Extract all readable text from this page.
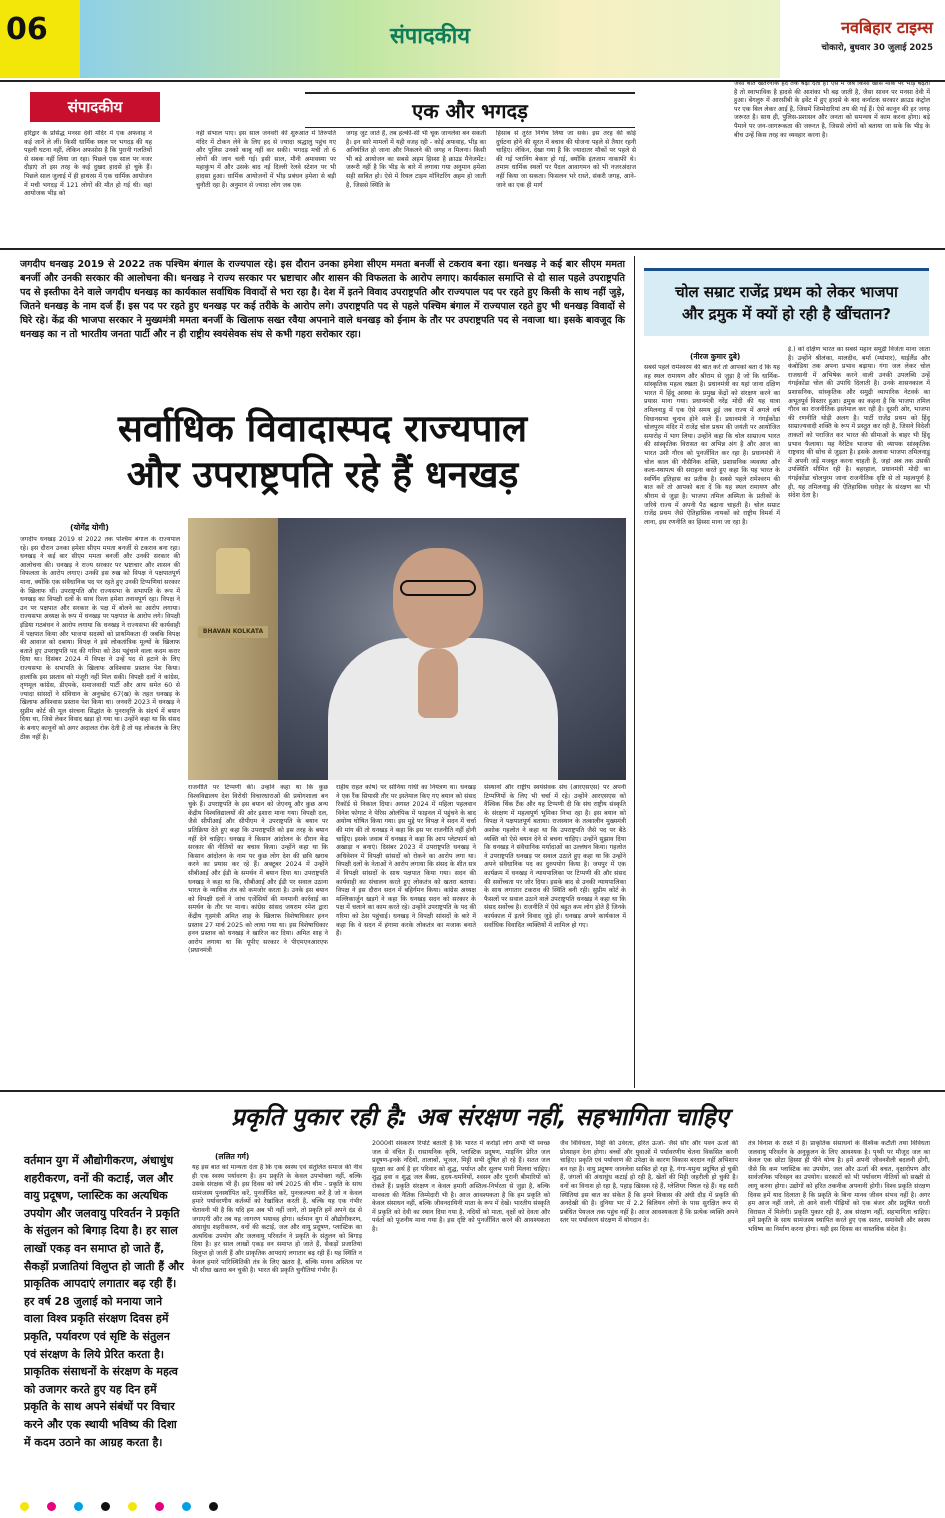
06	संपादकीय	नवबिहार टाइम्स
चोकारो, बुधवार 30 जुलाई 2025
संपादकीय	एक और भगदड़
हरिद्वार के प्रसिद्ध मनसा देवी मंदिर में एक अफवाह ने कई जानें ले लीं। किसी धार्मिक स्थल पर भगदड़ की यह पहली घटना नहीं, लेकिन अफसोस है कि पुरानी गलतियों से सबक नहीं लिया जा रहा। पिछले एक साल पर नजर दौड़ाएं तो इस तरह के कई दुखद हादसे हो चुके हैं। पिछले साल जुलाई में ही हाथरस में एक धार्मिक आयोजन में मची भगदड़ में 121 लोगों की मौत हो गई थी। वहां आयोजक भीड़ को
नहीं संभाल पाए। इस साल जनवरी की शुरुआत में तिरुपति मंदिर में टोकन लेने के लिए हद से ज्यादा श्रद्धालु पहुंच गए और पुलिस उनको काबू नहीं कर सकी। भगदड़ मची तो 6 लोगों की जान चली गई। इसी साल, मौनी अमावस्या पर महाकुंभ में और उसके बाद नई दिल्ली रेलवे स्टेशन पर भी हादसा हुआ। धार्मिक आयोजनों में भीड़ प्रबंधन हमेशा से बड़ी चुनौती रहा है। अनुमान से ज्यादा लोग जब एक
जगह जुट जाते हैं, तब हल्की-सी भी चूक जानलेवा बन सकती है। इन सारे मामलों में यही वजह रही - कोई अफवाह, भीड़ का अनियंत्रित हो जाना और निकलने की जगह न मिलना। किसी भी बड़े आयोजन का सबसे अहम हिस्सा है क्राउड मैनेजमेंट। जरूरी नहीं है कि भीड़ के बारे में लगाया गया अनुमान हमेशा सही साबित हो। ऐसे में रियल टाइम मॉनिटरिंग अहम हो जाती है, जिससे स्थिति के
हिसाब से तुरंत निर्णय लिया जा सके। इस तरह की कोई दुर्घटना होने की सूरत में बचाव की योजना पहले से तैयार रहनी चाहिए। लेकिन, देखा गया है कि ज्यादातर मौकों पर पहले से की गई प्लानिंग बेकार हो गई, क्योंकि इंतजाम नाकाफी थे। तमाम धार्मिक स्थलों पर पैदल आवागमन को भी नजरअंदाज नहीं किया जा सकता। फिसलन भरे रास्ते, संकरी जगह, आने-जाने का एक ही मार्ग
जैसी बातें खतरनाक हद तक बढ़ा देती हैं। ऐसे में जब किसी खास मौके पर भीड़ बढ़ती है तो स्वाभाविक है हादसे की आशंका भी बढ़ जाती है, जैसा सावन पर मनसा देवी में हुआ। बेंगलुरु में आरसीबी के इवेंट में हुए हादसे के बाद कर्नाटक सरकार क्राउड कंट्रोल पर एक बिल लेकर आई है, जिसमें जिम्मेदारियां तय की गई हैं। ऐसे कानून की हर जगह जरूरत है। साथ ही, पुलिस-प्रशासन और जनता को समन्वय में काम करना होगा। बड़े पैमाने पर जन-जागरूकता की जरूरत है, जिससे लोगों को बताया जा सके कि भीड़ के बीच उन्हें किस तरह का व्यवहार करना है।
जगदीप धनखड़ 2019 से 2022 तक पश्चिम बंगाल के राज्यपाल रहे। इस दौरान उनका हमेशा सीएम ममता बनर्जी से टकराव बना रहा। धनखड़ ने कई बार सीएम ममता बनर्जी और उनकी सरकार की आलोचना की। धनखड़ ने राज्य सरकार पर भ्रष्टाचार और शासन की विफलता के आरोप लगाए। कार्यकाल समाप्ति से दो साल पहले उपराष्ट्रपति पद से इस्तीफा देने वाले जगदीप धनखड़ का कार्यकाल सर्वाधिक विवादों से भरा रहा है। देश में इतने विवाद उपराष्ट्रपति और राज्यपाल पद पर रहते हुए किसी के साथ नहीं जुड़े, जितने धनखड़ के नाम दर्ज हैं। इस पद पर रहते हुए धनखड़ पर कई तरीके के आरोप लगे। उपराष्ट्रपति पद से पहले पश्चिम बंगाल में राज्यपाल रहते हुए भी धनखड़ विवादों से घिरे रहे। केंद्र की भाजपा सरकार ने मुख्यमंत्री ममता बनर्जी के खिलाफ सख्त रवैया अपनाने वाले धनखड़ को ईनाम के तौर पर उपराष्ट्रपति पद से नवाजा था। इसके बावजूद कि धनखड़ का न तो भारतीय जनता पार्टी और न ही राष्ट्रीय स्वयंसेवक संघ से कभी गहरा सरोकार रहा।
सर्वाधिक विवादास्पद राज्यपाल
और उपराष्ट्रपति रहे हैं धनखड़
(योगेंद्र योगी)
जगदीप धनखड़ 2019 से 2022 तक पश्चिम बंगाल के राज्यपाल रहे। इस दौरान उनका हमेशा सीएम ममता बनर्जी से टकराव बना रहा। धनखड़ ने कई बार सीएम ममता बनर्जी और उनकी सरकार की आलोचना की। धनखड़ ने राज्य सरकार पर भ्रष्टाचार और शासन की विफलता के आरोप लगाए। उनकी इस रुख को विपक्ष ने पक्षपातपूर्ण माना, क्योंकि एक संवैधानिक पद पर रहते हुए उनकी टिप्पणियां सरकार के खिलाफ थीं। उपराष्ट्रपति और राज्यसभा के सभापति के रूप में धनखड़ का विपक्षी दलों के साथ रिश्ता हमेशा तनावपूर्ण रहा। विपक्ष ने उन पर पक्षपात और सरकार के पक्ष में बोलने का आरोप लगाया। राज्यसभा अध्यक्ष के रूप में धनखड़ पर पक्षपात के आरोप लगे। विपक्षी इंडिया गठबंधन ने आरोप लगाया कि धनखड़ ने राज्यसभा की कार्यवाही में पक्षपात किया और भाजपा सदस्यों को प्राथमिकता दी जबकि विपक्ष की आवाज को दबाया। विपक्ष ने इसे लोकतांत्रिक मूल्यों के खिलाफ बताते हुए उपराष्ट्रपति पद की गरिमा को ठेस पहुंचाने वाला कदम करार दिया था। दिसंबर 2024 में विपक्ष ने उन्हें पद से हटाने के लिए राज्यसभा के सभापति के खिलाफ अविश्वास प्रस्ताव पेश किया। हालांकि इस प्रस्ताव को मंजूरी नहीं मिल सकी। विपक्षी दलों ने कांग्रेस, तृणमूल कांग्रेस, डीएमके, समाजवादी पार्टी और आप समेत 60 से ज्यादा सांसदों ने संविधान के अनुच्छेद 67(ख) के तहत धनखड़ के खिलाफ अविश्वास प्रस्ताव पेश किया था। जनवरी 2023 में धनखड़ ने सुप्रीम कोर्ट की मूल संरचना सिद्धांत के पुनरावृत्ति के संदर्भ में बयान दिया था, जिसे लेकर विवाद खड़ा हो गया था। उन्होंने कहा था कि संसद के बनाए कानूनों को अगर अदालत रोक देती है तो यह लोकतंत्र के लिए ठीक नहीं है।
BHAVAN KOLKATA
राजनीति पर टिप्पणी की। उन्होंने कहा था कि कुछ विश्वविद्यालय देश विरोधी विचारधाराओं की प्रयोगशाला बन चुके हैं। उपराष्ट्रपति के इस बयान को जेएनयू और कुछ अन्य केंद्रीय विश्वविद्यालयों की ओर इशारा माना गया। विपक्षी दल, जैसे सीपीआई और सीपीएम ने उपराष्ट्रपति के बयान पर प्रतिक्रिया देते हुए कहा कि उपराष्ट्रपति को इस तरह के बयान नहीं देने चाहिए। धनखड़ ने किसान आंदोलन के दौरान केंद्र सरकार की नीतियों का बचाव किया। उन्होंने कहा था कि किसान आंदोलन के नाम पर कुछ लोग देश की छवि खराब करने का प्रयास कर रहे हैं। अक्टूबर 2024 में उन्होंने सीबीआई और ईडी के समर्थन में बयान दिया था। उपराष्ट्रपति धनखड़ ने कहा था कि, सीबीआई और ईडी पर सवाल उठाना भारत के न्यायिक तंत्र को कमजोर करता है। उनके इस बयान को विपक्षी दलों ने जांच एजेंसियों की मनमानी कार्रवाई का समर्थन के तौर पर माना। कांग्रेस सांसद जयराम रमेश द्वारा केंद्रीय गृहमंत्री अमित शाह के खिलाफ विशेषाधिकार हनन प्रस्ताव 27 मार्च 2025 को लाया गया था। इस विशेषाधिकार हनन प्रस्ताव को धनखड़ ने खारिज कर दिया। अमित शाह ने आरोप लगाया था कि यूपीए सरकार ने पीएमएनआरएफ (प्रधानमंत्री
राहीय राहत कोष) पर सोनिया गांधी का नियंत्रण था। धनखड़ ने एक रैंक सियासी तौर पर इस्तेमाल किए गए बयान को संसद रिकॉर्ड से निकाल दिया। अगस्त 2024 में महिला पहलवान विनेश फोगाट ने पेरिस ओलंपिक में फाइनल में पहुंचने के बाद अयोग्य घोषित किया गया। इस मुद्दे पर विपक्ष ने सदन में चर्चा की मांग की तो धनखड़ ने कहा कि इस पर राजनीति नहीं होनी चाहिए। इसके जवाब में धनखड़ ने कहा कि आप प्लेटफार्म को अखाड़ा न बनाएं। दिसंबर 2023 में उपराष्ट्रपति धनखड़ ने अधिवेशन में विपक्षी सांसदों को रोकने का आरोप लगा था। विपक्षी दलों के नेताओं ने आरोप लगाया कि संसद के शीत सत्र में विपक्षी सांसदों के साथ पक्षपात किया गया। सदन की कार्यवाही का संचालन करते हुए लोकतंत्र को खतरा बताया। विपक्ष ने इस दौरान सदन में बहिर्गमन किया। कांग्रेस अध्यक्ष मल्लिकार्जुन खड़गे ने कहा कि धनखड़ सदन को सरकार के पक्ष में चलाने का काम करते रहे। उन्होंने उपराष्ट्रपति के पद की गरिमा को ठेस पहुंचाई। धनखड़ ने विपक्षी सांसदों के बारे में कहा कि वे सदन में हंगामा करके लोकतंत्र का मजाक बनाते हैं।
संस्थानों और राष्ट्रीय स्वयंसेवक संघ (आरएसएस) पर अपनी टिप्पणियों के लिए भी चर्चा में रहे। उन्होंने आरएसएस को वैश्विक थिंक टैंक और यह टिप्पणी दी कि संघ राष्ट्रीय संस्कृति के संरक्षण में महत्वपूर्ण भूमिका निभा रहा है। इस बयान को विपक्ष ने पक्षपातपूर्ण बताया। राजस्थान के तत्कालीन मुख्यमंत्री अशोक गहलोत ने कहा था कि उपराष्ट्रपति जैसे पद पर बैठे व्यक्ति को ऐसे बयान देने से बचना चाहिए। उन्होंने सुझाव दिया कि धनखड़ ने संवैधानिक मर्यादाओं का उल्लंघन किया। गहलोत ने उपराष्ट्रपति धनखड़ पर सवाल उठाते हुए कहा था कि उन्होंने अपने संवैधानिक पद का दुरुपयोग किया है। जयपुर में एक कार्यक्रम में धनखड़ ने न्यायपालिका पर टिप्पणी की और संसद की सर्वोच्चता पर जोर दिया। इसके बाद से उनकी न्यायपालिका के साथ लगातार टकराव की स्थिति बनी रही। सुप्रीम कोर्ट के फैसलों पर सवाल उठाने वाले उपराष्ट्रपति धनखड़ ने कहा था कि संसद सर्वोच्च है। राजनीति में ऐसे बहुत कम लोग होते हैं जिनके कार्यकाल में इतने विवाद जुड़े हों। धनखड़ अपने कार्यकाल में सर्वाधिक विवादित व्यक्तियों में शामिल हो गए।
चोल सम्राट राजेंद्र प्रथम को लेकर भाजपा
और द्रमुक में क्यों हो रही है खींचतान?
(नीरज कुमार दुबे)
सबसे पहले रामेश्वरम की बात करें तो आपको बता दें कि यह वह स्थल रामायण और श्रीराम से जुड़ा है जो कि धार्मिक-सांस्कृतिक महत्व रखता है। प्रधानमंत्री का यहां जाना दक्षिण भारत में हिंदू आस्था के प्रमुख केंद्रों को संरक्षण करने का प्रयास माना गया। प्रधानमंत्री नरेंद्र मोदी की यह यात्रा तमिलनाडु में एक ऐसे समय हुई जब राज्य में अगले वर्ष विधानसभा चुनाव होने वाले हैं। प्रधानमंत्री ने गंगईकोंडा चोलपुरम मंदिर में राजेंद्र चोल प्रथम की जयंती पर आयोजित समारोह में भाग लिया। उन्होंने कहा कि चोल साम्राज्य भारत की सांस्कृतिक विरासत का अभिन्न अंग है और आज का भारत उसी गौरव को पुनर्जीवित कर रहा है। प्रधानमंत्री ने चोल काल की नौसैनिक शक्ति, प्रशासनिक व्यवस्था और कला-स्थापत्य की सराहना करते हुए कहा कि यह भारत के स्वर्णिम इतिहास का प्रतीक है। सबसे पहले रामेश्वरम की बात करें तो आपको बता दें कि यह स्थल रामायण और श्रीराम से जुड़ा है। भाजपा तमिल अस्मिता के प्रतीकों के जरिये राज्य में अपनी पैठ बढ़ाना चाहती है। चोल सम्राट राजेंद्र प्रथम जैसे ऐतिहासिक नायकों को राष्ट्रीय विमर्श में लाना, इस रणनीति का हिस्सा माना जा रहा है।
ई.) को दक्षिण भारत का सबसे महान समुद्री विजेता माना जाता है। उन्होंने श्रीलंका, मालदीव, बर्मा (म्यांमार), थाईलैंड और कंबोडिया तक अपना प्रभाव बढ़ाया। गंगा जल लेकर चोल राजधानी में अभिषेक करने वाली उनकी उपलब्धि उन्हें गंगईकोंडा चोल की उपाधि दिलाती है। उनके शासनकाल में प्रशासनिक, सांस्कृतिक और समुद्री व्यापारिक नेटवर्क का अभूतपूर्व विस्तार हुआ। द्रमुक का कहना है कि भाजपा तमिल गौरव का राजनीतिक इस्तेमाल कर रही है। दूसरी ओर, भाजपा की रणनीति थोड़ी अलग है। पार्टी राजेंद्र प्रथम को हिंदू साम्राज्यवादी शक्ति के रूप में प्रस्तुत कर रही है, जिसने विदेशी ताकतों को पराजित कर भारत की सीमाओं के बाहर भी हिंदू प्रभाव फैलाया। यह नैरेटिव भाजपा की व्यापक सांस्कृतिक राष्ट्रवाद की सोच से जुड़ता है। इसके अलावा भाजपा तमिलनाडु में अपनी जड़ें मजबूत करना चाहती है, जहां अब तक उसकी उपस्थिति सीमित रही है। बहरहाल, प्रधानमंत्री मोदी का गंगईकोंडा चोलपुरम जाना राजनीतिक दृष्टि से तो महत्वपूर्ण है ही, यह तमिलनाडु की ऐतिहासिक धरोहर के संरक्षण का भी संदेश देता है।
प्रकृति पुकार रही है: अब संरक्षण नहीं, सहभागिता चाहिए
वर्तमान युग में औद्योगीकरण, अंधाधुंध शहरीकरण, वनों की कटाई, जल और वायु प्रदूषण, प्लास्टिक का अत्यधिक उपयोग और जलवायु परिवर्तन ने प्रकृति के संतुलन को बिगाड़ दिया है। हर साल लाखों एकड़ वन समाप्त हो जाते हैं, सैकड़ों प्रजातियां विलुप्त हो जाती हैं और प्राकृतिक आपदाएं लगातार बढ़ रही हैं। हर वर्ष 28 जुलाई को मनाया जाने वाला विश्व प्रकृति संरक्षण दिवस हमें प्रकृति, पर्यावरण एवं सृष्टि के संतुलन एवं संरक्षण के लिये प्रेरित करता है। प्राकृतिक संसाधनों के संरक्षण के महत्व को उजागर करते हुए यह दिन हमें प्रकृति के साथ अपने संबंधों पर विचार करने और एक स्थायी भविष्य की दिशा में कदम उठाने का आग्रह करता है।
(ललित गर्ग)
यह इस बात को मान्यता देता है कि एक स्वस्थ एवं संतुलित समाज की नींव ही एक स्वस्थ पर्यावरण है। हम प्रकृति के केवल उपभोक्ता नहीं, बल्कि उसके संरक्षक भी हैं। इस दिवस को वर्ष 2025 की थीम - प्रकृति के साथ सामंजस्य पुनर्स्थापित करें, पुनर्जीवित करें, पुनःकल्पना करें है जो न केवल हमारे पर्यावरणीय कर्तव्यों को रेखांकित करती है, बल्कि यह एक गंभीर चेतावनी भी है कि यदि हम अब भी नहीं जागे, तो प्रकृति हमें अपने दंड से जगाएगी और तब यह जागरण भयावह होगा। वर्तमान युग में औद्योगीकरण, अंधाधुंध शहरीकरण, वनों की कटाई, जल और वायु प्रदूषण, प्लास्टिक का अत्यधिक उपयोग और जलवायु परिवर्तन ने प्रकृति के संतुलन को बिगाड़ दिया है। हर साल लाखों एकड़ वन समाप्त हो जाते हैं, सैकड़ों प्रजातियां विलुप्त हो जाती हैं और प्राकृतिक आपदाएं लगातार बढ़ रही हैं। यह स्थिति न केवल हमारे पारिस्थितिकी तंत्र के लिए खतरा है, बल्कि मानव अस्तित्व पर भी सीधा खतरा बन चुकी है। भारत की प्रकृति चुनौतियां गंभीर हैं।
2000वीं संस्करण रिपोर्ट बताती है कि भारत में करोड़ों लोग अभी भी स्वच्छ जल से वंचित हैं। रासायनिक कृषि, प्लास्टिक प्रदूषण, माइनिंग प्रेरित जल प्रदूषण-इनके नदियों, तालाबों, भूजल, मिट्टी सभी दूषित हो रहे हैं। सतत जल सुरक्षा का अर्थ है हर परिवार को शुद्ध, पर्याप्त और सुलभ पानी मिलना चाहिए। शुद्ध हवा व शुद्ध जल बैंक्स, हृदय-धमनियों, श्वसन और पुरानी बीमारियों को रोकते हैं। प्रकृति संरक्षण न केवल हमारी अस्तित्व-निर्भरता से जुड़ा है, बल्कि मानवता की नैतिक जिम्मेदारी भी है। आज आवश्यकता है कि हम प्रकृति को केवल संसाधन नहीं, बल्कि जीवनदायिनी माता के रूप में देखें। भारतीय संस्कृति में प्रकृति को देवी का स्थान दिया गया है, नदियों को माता, वृक्षों को देवता और पर्वतों को पूजनीय माना गया है। इस दृष्टि को पुनर्जीवित करने की आवश्यकता है।
जैव विविधता, मिट्टी की उर्वरता, हरित ऊर्जा- जैसे सौर और पवन ऊर्जा की प्रोत्साहन देना होगा। बच्चों और युवाओं में पर्यावरणीय चेतना विकसित करनी चाहिए। प्रकृति एवं पर्यावरण की उपेक्षा के कारण विकास बरदान नहीं अभिशाप बन रहा है। वायु प्रदूषण जानलेवा साबित हो रहा है, गंगा-यमुना प्रदूषित हो चुकी हैं, जंगलों की अंधाधुंध कटाई हो रही है, खेतों की मिट्टी जहरीली हो चुकी है। वनों का विनाश हो रहा है, पहाड़ खिसक रहे हैं, ग्लेशियर पिघल रहे हैं। यह सारी स्थितियां इस बात का संकेत हैं कि हमने विकास की अंधी दौड़ में प्रकृति की अनदेखी की है। दुनिया भर में 2.2 बिलियन लोगों के पास सुरक्षित रूप से प्रबंधित पेयजल तक पहुंच नहीं है। आज आवश्यकता है कि प्रत्येक व्यक्ति अपने स्तर पर पर्यावरण संरक्षण में योगदान दे।
तंत्र विनाश के रास्ते में है। प्राकृतिक संसाधनों के वैश्विक कटौती तथा विविधता जलवायु परिवर्तन के अनुकूलन के लिए आवश्यक है। पृथ्वी पर मौजूद जल का केवल एक छोटा हिस्सा ही पीने योग्य है। हमें अपनी जीवनशैली बदलनी होगी, जैसे कि कम प्लास्टिक का उपयोग, जल और ऊर्जा की बचत, वृक्षारोपण और सार्वजनिक परिवहन का उपयोग। सरकारों को भी पर्यावरण नीतियों को सख्ती से लागू करना होगा। उद्योगों को हरित तकनीक अपनानी होगी। विश्व प्रकृति संरक्षण दिवस हमें याद दिलाता है कि प्रकृति के बिना मानव जीवन संभव नहीं है। अगर हम आज नहीं जागे, तो आने वाली पीढ़ियों को एक बंजर और प्रदूषित धरती विरासत में मिलेगी। प्रकृति पुकार रही है, अब संरक्षण नहीं, सहभागिता चाहिए। हमें प्रकृति के साथ सामंजस्य स्थापित करते हुए एक सतत, समावेशी और स्वस्थ भविष्य का निर्माण करना होगा। यही इस दिवस का वास्तविक संदेश है।
